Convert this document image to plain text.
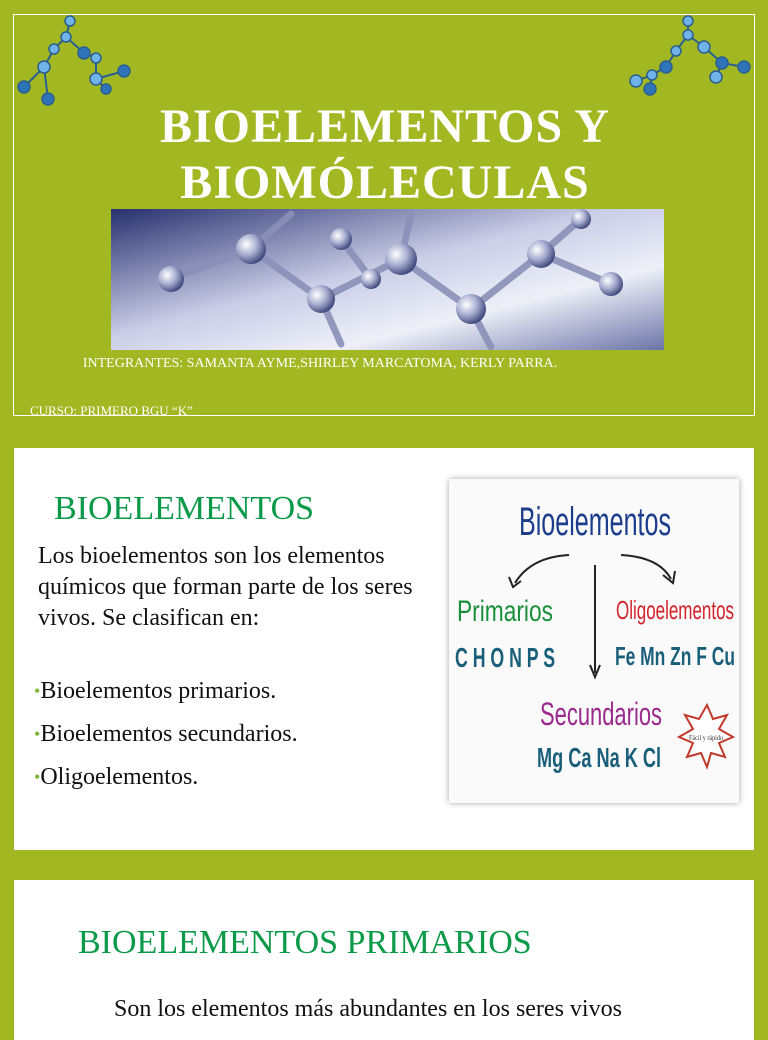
BIOELEMENTOS Y
BIOMÓLECULAS
INTEGRANTES: SAMANTA AYME,SHIRLEY MARCATOMA, KERLY PARRA.
CURSO: PRIMERO BGU “K”
BIOELEMENTOS
Los bioelementos son los elementos químicos que forman parte de los seres vivos. Se clasifican en:
•Bioelementos primarios.
•Bioelementos secundarios.
•Oligoelementos.
Bioelementos
Primarios
C H O N P S
Oligoelementos
Fe Mn Zn F Cu
Secundarios
Mg Ca Na K Cl
Fácil y rápido
BIOELEMENTOS PRIMARIOS
Son los elementos más abundantes en los seres vivos
